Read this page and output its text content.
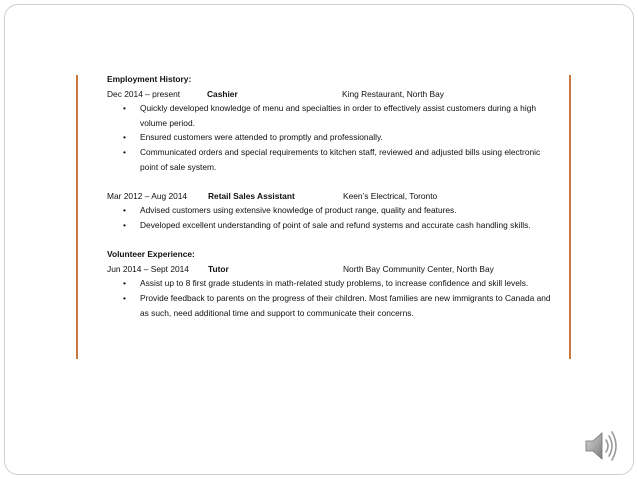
Employment History:
Dec 2014 – present	Cashier	King Restaurant, North Bay
• Quickly developed knowledge of menu and specialties in order to effectively assist customers during a high volume period.
• Ensured customers were attended to promptly and professionally.
• Communicated orders and special requirements to kitchen staff, reviewed and adjusted bills using electronic point of sale system.
Mar 2012 – Aug 2014 Retail Sales Assistant	Keen’s Electrical, Toronto
• Advised customers using extensive knowledge of product range, quality and features.
• Developed excellent understanding of point of sale and refund systems and accurate cash handling skills.
Volunteer Experience:
Jun 2014 – Sept 2014 Tutor	North Bay Community Center, North Bay
• Assist up to 8 first grade students in math-related study problems, to increase confidence and skill levels.
• Provide feedback to parents on the progress of their children. Most families are new immigrants to Canada and as such, need additional time and support to communicate their concerns.
